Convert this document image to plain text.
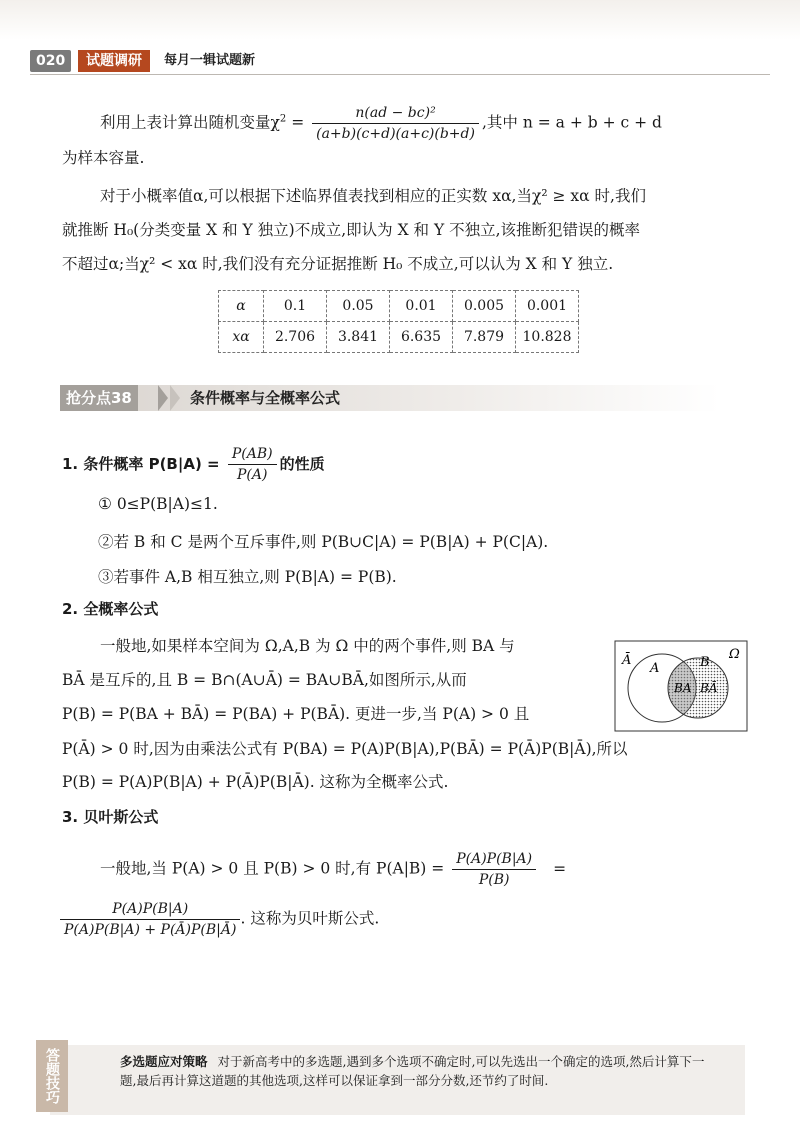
020	试题调研	每月一辑试题新
利用上表计算出随机变量$\chi^2 = \frac{\text{n(ad − bc)²}}{(a+b)(c+d)(a+c)(b+d)}$ ,其中 n = a + b + c + d
为样本容量.
对于小概率值α,可以根据下述临界值表找到相应的正实数 xα,当χ² ≥ xα 时,我们
就推断 H₀(分类变量 X 和 Y 独立)不成立,即认为 X 和 Y 不独立,该推断犯错误的概率
不超过α;当χ² < xα 时,我们没有充分证据推断 H₀ 不成立,可以认为 X 和 Y 独立.
α	0.1	0.05	0.01	0.005	0.001
xα	2.706	3.841	6.635	7.879	10.828
抢分点38	条件概率与全概率公式
1. 条件概率 $P(B|A) = \frac{P(AB)}{P(A)}$ 的性质
① 0≤P(B|A)≤1.
②若 B 和 C 是两个互斥事件,则 P(B∪C|A) = P(B|A) + P(C|A).
③若事件 A,B 相互独立,则 P(B|A) = P(B).
2. 全概率公式
一般地,如果样本空间为 Ω,A,B 为 Ω 中的两个事件,则 BA 与
BĀ 是互斥的,且 B = B∩(A∪Ā) = BA∪BĀ,如图所示,从而
P(B) = P(BA + BĀ) = P(BA) + P(BĀ). 更进一步,当 P(A) > 0 且
P(Ā) > 0 时,因为由乘法公式有 P(BA) = P(A)P(B|A),P(BĀ) = P(Ā)P(B|Ā),所以
P(B) = P(A)P(B|A) + P(Ā)P(B|Ā). 这称为全概率公式.
Ā	Ω
A	B
BA BĀ
3. 贝叶斯公式
一般地,当 P(A) > 0 且 P(B) > 0 时,有 $P(A|B) = \frac{P(A)P(B|A)}{P(B)}$ =
$\frac{P(A)P(B|A)}{P(A)P(B|A) + P(Ā)P(B|Ā)}$ . 这称为贝叶斯公式.
答题技巧	多选题应对策略 对于新高考中的多选题,遇到多个选项不确定时,可以先选出一个确定的选项,然后计算下一题,最后再计算这道题的其他选项,这样可以保证拿到一部分分数,还节约了时间.
